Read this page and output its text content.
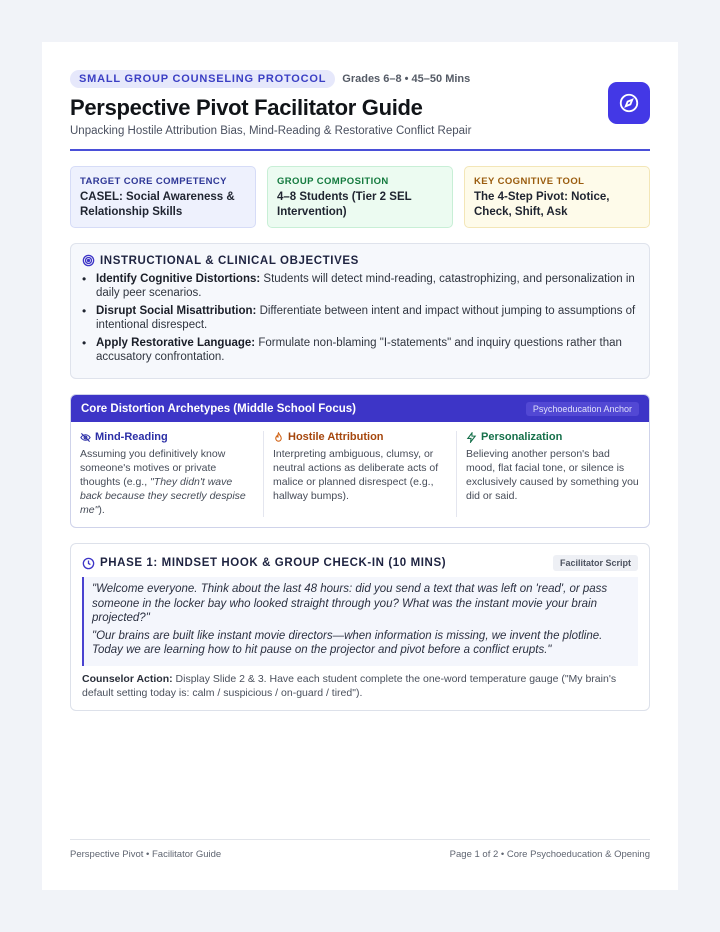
SMALL GROUP COUNSELING PROTOCOL	Grades 6–8 • 45–50 Mins
Perspective Pivot Facilitator Guide
Unpacking Hostile Attribution Bias, Mind-Reading & Restorative Conflict Repair
TARGET CORE COMPETENCY
CASEL: Social Awareness & Relationship Skills
GROUP COMPOSITION
4–8 Students (Tier 2 SEL Intervention)
KEY COGNITIVE TOOL
The 4-Step Pivot: Notice, Check, Shift, Ask
INSTRUCTIONAL & CLINICAL OBJECTIVES
• Identify Cognitive Distortions: Students will detect mind-reading, catastrophizing, and personalization in daily peer scenarios.
• Disrupt Social Misattribution: Differentiate between intent and impact without jumping to assumptions of intentional disrespect.
• Apply Restorative Language: Formulate non-blaming "I-statements" and inquiry questions rather than accusatory confrontation.
Core Distortion Archetypes (Middle School Focus)	Psychoeducation Anchor
Mind-Reading
Assuming you definitively know someone's motives or private thoughts (e.g., "They didn't wave back because they secretly despise me").
Hostile Attribution
Interpreting ambiguous, clumsy, or neutral actions as deliberate acts of malice or planned disrespect (e.g., hallway bumps).
Personalization
Believing another person's bad mood, flat facial tone, or silence is exclusively caused by something you did or said.
PHASE 1: MINDSET HOOK & GROUP CHECK-IN (10 MINS)	Facilitator Script

"Welcome everyone. Think about the last 48 hours: did you send a text that was left on 'read', or pass someone in the locker bay who looked straight through you? What was the instant movie your brain projected?"

"Our brains are built like instant movie directors—when information is missing, we invent the plotline. Today we are learning how to hit pause on the projector and pivot before a conflict erupts."

Counselor Action: Display Slide 2 & 3. Have each student complete the one-word temperature gauge ("My brain's default setting today is: calm / suspicious / on-guard / tired").
Perspective Pivot • Facilitator Guide	Page 1 of 2 • Core Psychoeducation & Opening
